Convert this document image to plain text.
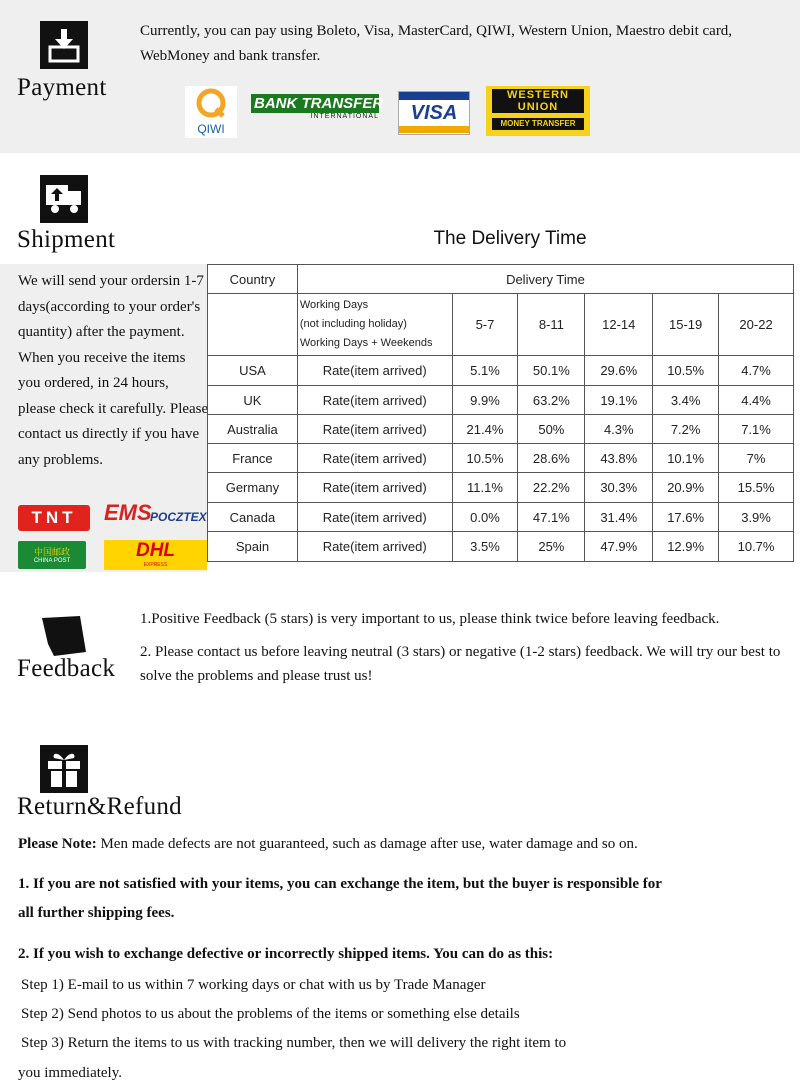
Payment
Currently, you can pay using Boleto, Visa, MasterCard, QIWI, Western Union, Maestro debit card, WebMoney and bank transfer.
QIWI
BANK TRANSFER
INTERNATIONAL	VISA
WESTERN
UNION
MONEY TRANSFER
Shipment	The Delivery Time
We will send your ordersin 1-7 days(according to your order's quantity) after the payment. When you receive the items you ordered, in 24 hours, please check it carefully. Please contact us directly if you have any problems.
TNT	EMS
POCZTEX
中国邮政
CHINA POST	DHL
EXPRESS
Country	Delivery Time					

	Working Days
(not including holiday)
Working Days + Weekends	5-7	8-11	12-14	15-19	20-22
USA	Rate(item arrived)	5.1%	50.1%	29.6%	10.5%	4.7%
UK	Rate(item arrived)	9.9%	63.2%	19.1%	3.4%	4.4%
Australia	Rate(item arrived)	21.4%	50%	4.3%	7.2%	7.1%
France	Rate(item arrived)	10.5%	28.6%	43.8%	10.1%	7%
Germany	Rate(item arrived)	11.1%	22.2%	30.3%	20.9%	15.5%
Canada	Rate(item arrived)	0.0%	47.1%	31.4%	17.6%	3.9%
Spain	Rate(item arrived)	3.5%	25%	47.9%	12.9%	10.7%
Feedback

1.Positive Feedback (5 stars) is very important to us, please think twice before leaving feedback.

2. Please contact us before leaving neutral (3 stars) or negative (1-2 stars) feedback. We will try our best to solve the problems and please trust us!

Return&Refund
Please Note: Men made defects are not guaranteed, such as damage after use, water damage and so on.
1. If you are not satisfied with your items, you can exchange the item, but the buyer is responsible for
all further shipping fees.
2. If you wish to exchange defective or incorrectly shipped items. You can do as this:
Step 1) E-mail to us within 7 working days or chat with us by Trade Manager
Step 2) Send photos to us about the problems of the items or something else details
Step 3) Return the items to us with tracking number, then we will delivery the right item to
you immediately.
